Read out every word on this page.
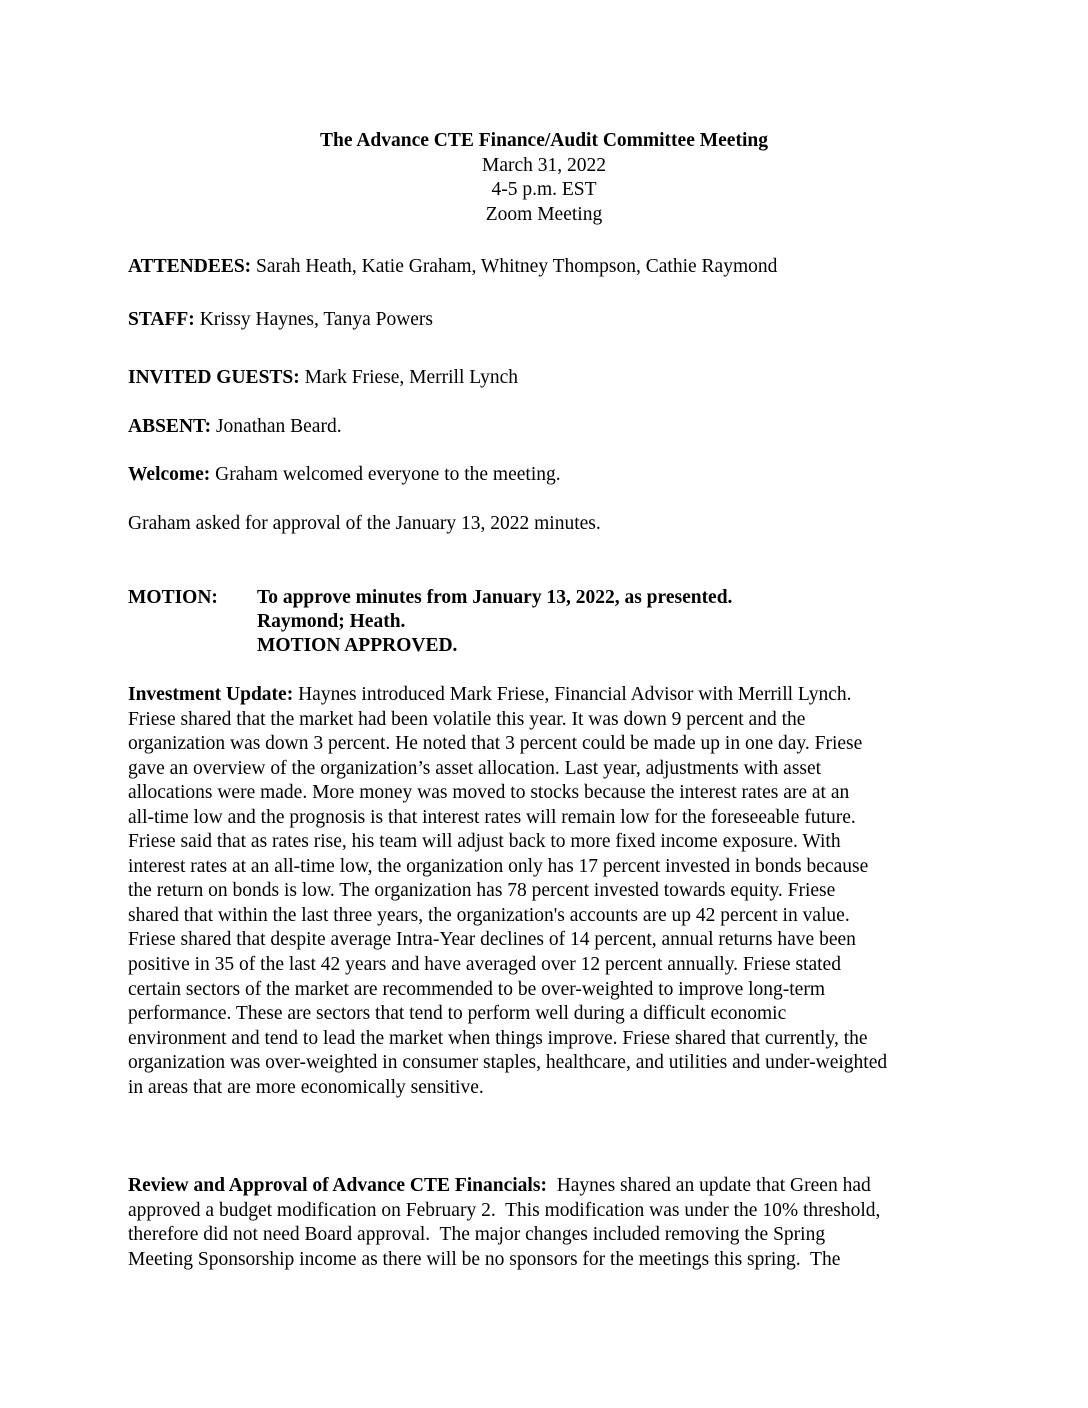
The Advance CTE Finance/Audit Committee Meeting
March 31, 2022
4-5 p.m. EST
Zoom Meeting
ATTENDEES: Sarah Heath, Katie Graham, Whitney Thompson, Cathie Raymond
STAFF: Krissy Haynes, Tanya Powers
INVITED GUESTS: Mark Friese, Merrill Lynch
ABSENT: Jonathan Beard.
Welcome: Graham welcomed everyone to the meeting.
Graham asked for approval of the January 13, 2022 minutes.
MOTION: To approve minutes from January 13, 2022, as presented.
Raymond; Heath.
MOTION APPROVED.
Investment Update: Haynes introduced Mark Friese, Financial Advisor with Merrill Lynch.
Friese shared that the market had been volatile this year. It was down 9 percent and the
organization was down 3 percent. He noted that 3 percent could be made up in one day. Friese
gave an overview of the organization’s asset allocation. Last year, adjustments with asset
allocations were made. More money was moved to stocks because the interest rates are at an
all-time low and the prognosis is that interest rates will remain low for the foreseeable future.
Friese said that as rates rise, his team will adjust back to more fixed income exposure. With
interest rates at an all-time low, the organization only has 17 percent invested in bonds because
the return on bonds is low. The organization has 78 percent invested towards equity. Friese
shared that within the last three years, the organization's accounts are up 42 percent in value.
Friese shared that despite average Intra-Year declines of 14 percent, annual returns have been
positive in 35 of the last 42 years and have averaged over 12 percent annually. Friese stated
certain sectors of the market are recommended to be over-weighted to improve long-term
performance. These are sectors that tend to perform well during a difficult economic
environment and tend to lead the market when things improve. Friese shared that currently, the
organization was over-weighted in consumer staples, healthcare, and utilities and under-weighted
in areas that are more economically sensitive.
Review and Approval of Advance CTE Financials:  Haynes shared an update that Green had
approved a budget modification on February 2.  This modification was under the 10% threshold,
therefore did not need Board approval.  The major changes included removing the Spring
Meeting Sponsorship income as there will be no sponsors for the meetings this spring.  The
